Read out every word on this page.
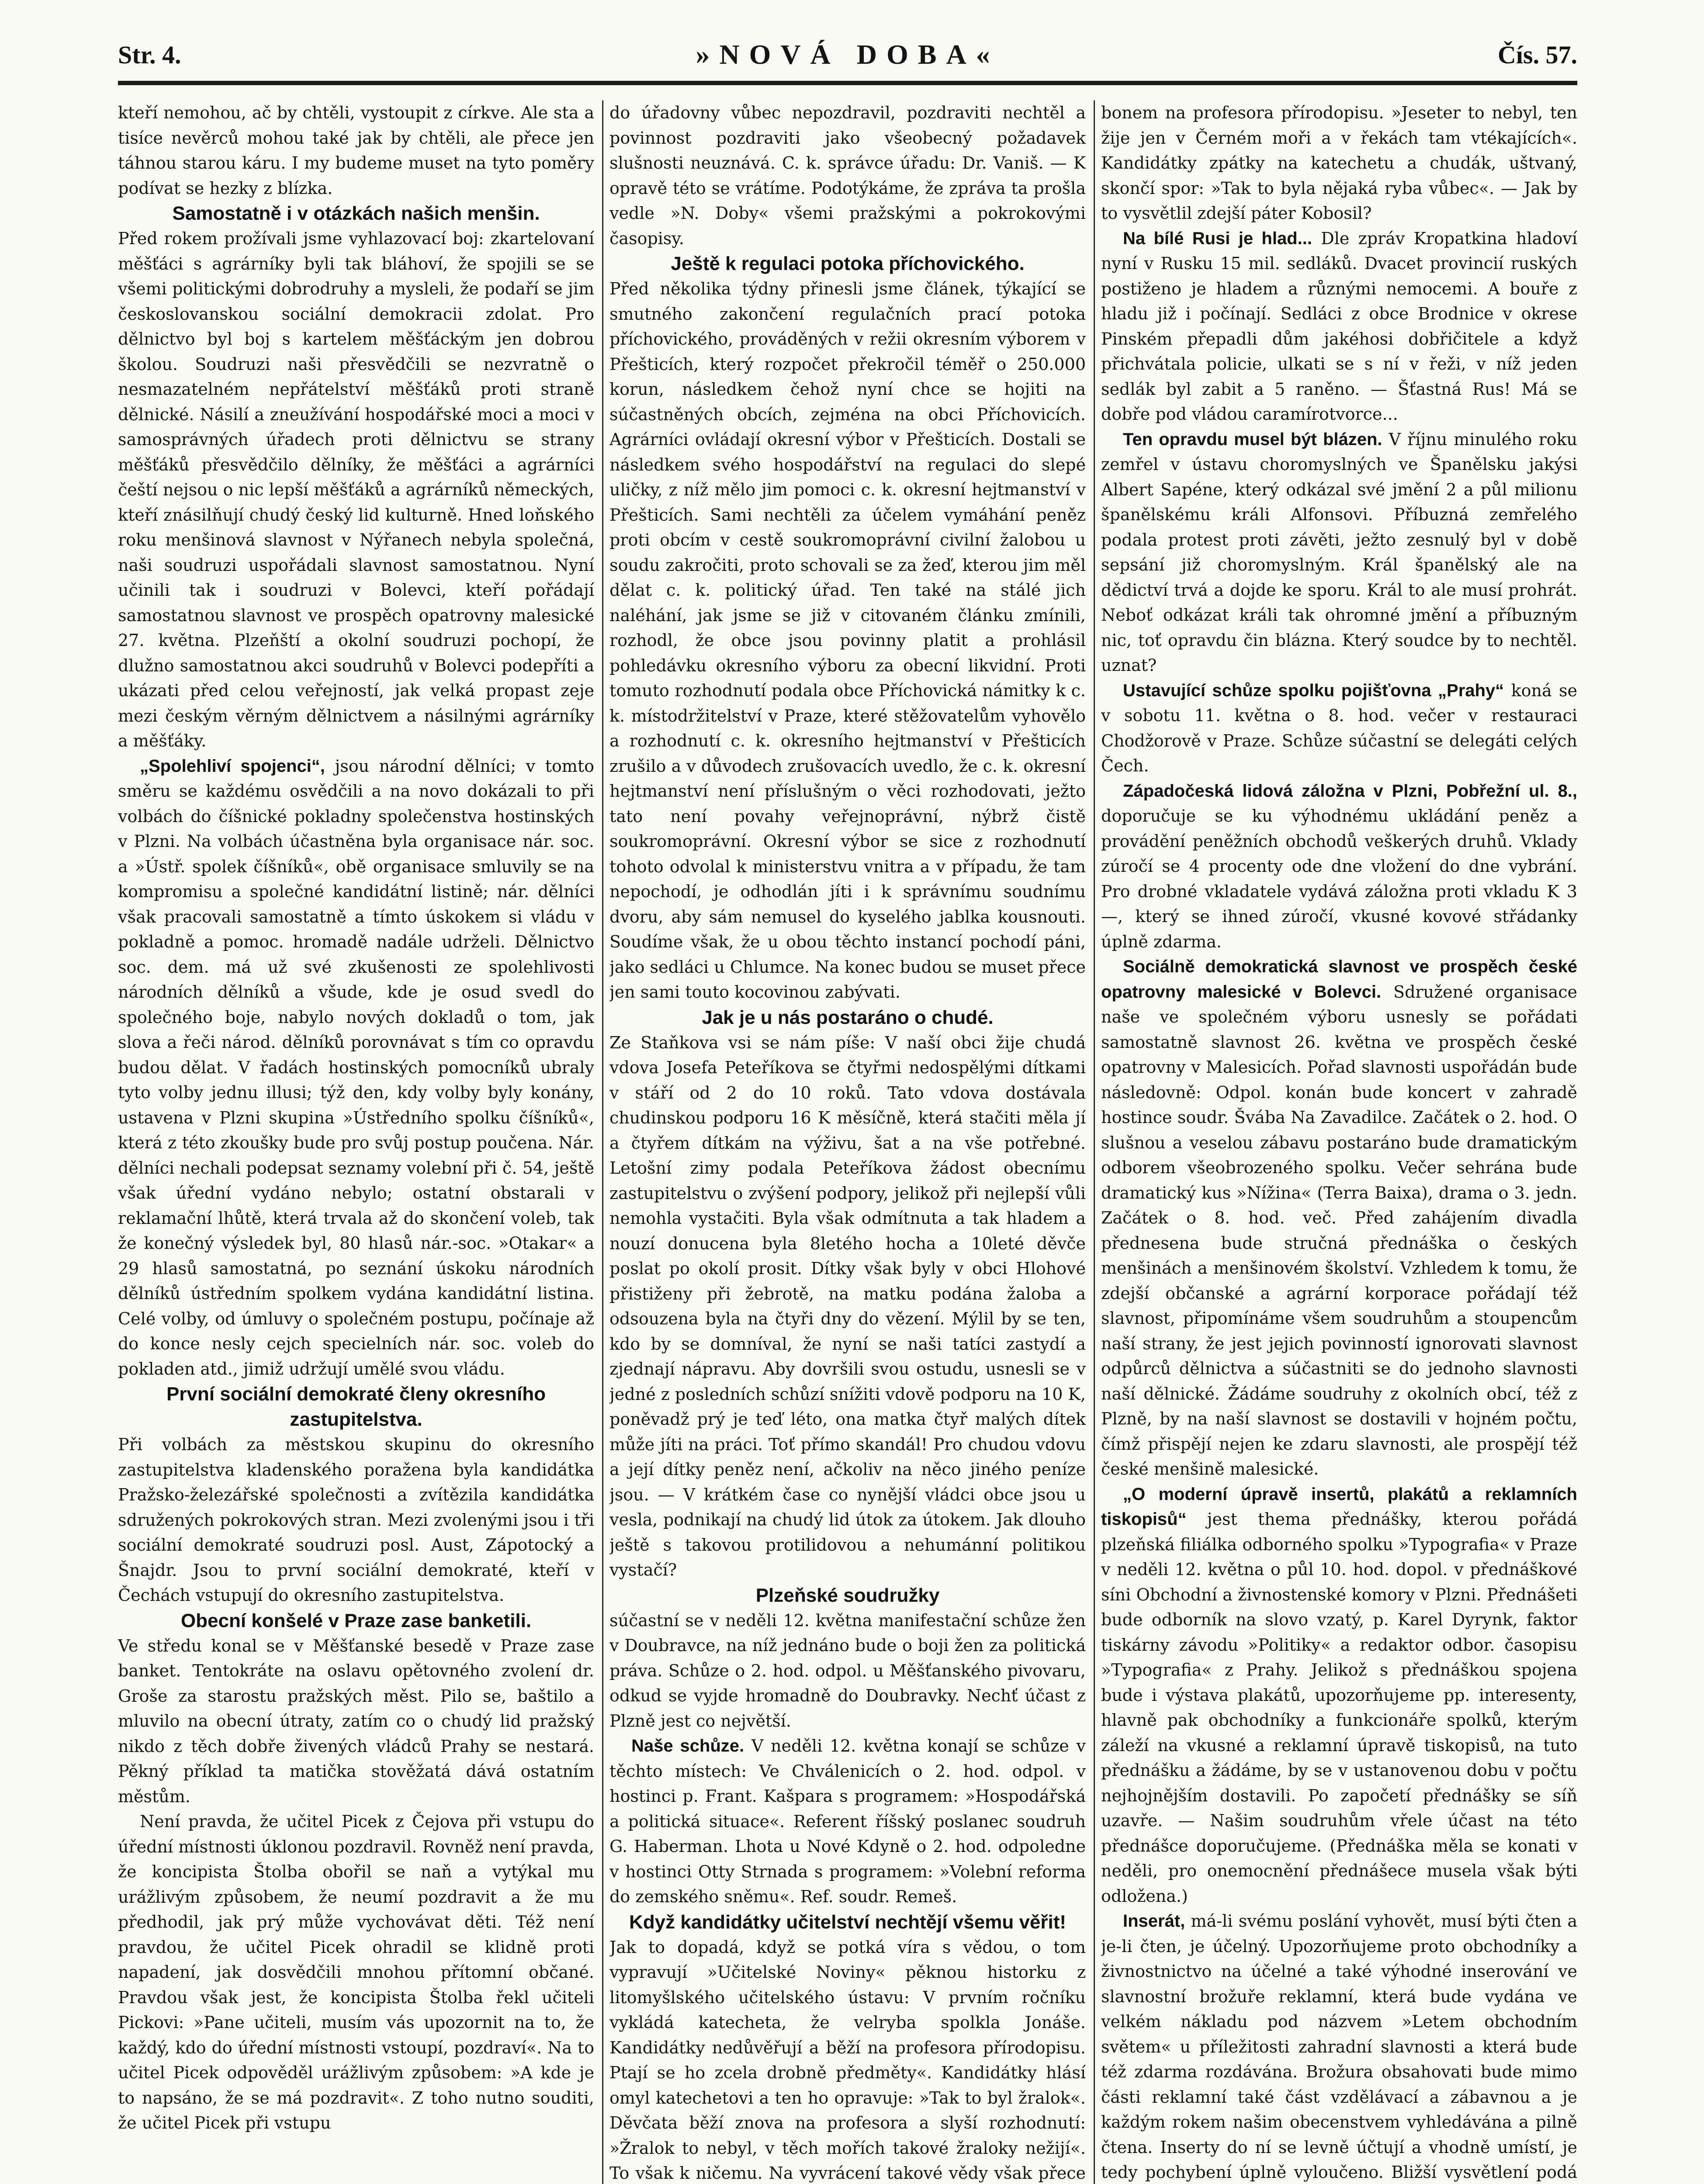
Str. 4.	»NOVÁ DOBA«	Čís. 57.

kteří nemohou, ač by chtěli, vystoupit z církve. Ale sta a tisíce nevěrců mohou také jak by chtěli, ale přece jen táhnou starou káru. I my budeme muset na tyto poměry podívat se hezky z blízka.

Samostatně i v otázkách našich menšin.

Před rokem prožívali jsme vyhlazovací boj: zkartelovaní měšťáci s agrárníky byli tak bláhoví, že spojili se se všemi politickými dobrodruhy a mysleli, že podaří se jim českoslovanskou sociální demokracii zdolat. Pro dělnictvo byl boj s kartelem měšťáckým jen dobrou školou. Soudruzi naši přesvědčili se nezvratně o nesmazatelném nepřátelství měšťáků proti straně dělnické. Násilí a zneužívání hospodářské moci a moci v samosprávných úřadech proti dělnictvu se strany měšťáků přesvědčilo dělníky, že měšťáci a agrárníci čeští nejsou o nic lepší měšťáků a agrárníků německých, kteří znásilňují chudý český lid kulturně. Hned loňského roku menšinová slavnost v Nýřanech nebyla společná, naši soudruzi uspořádali slavnost samostatnou. Nyní učinili tak i soudruzi v Bolevci, kteří pořádají samostatnou slavnost ve prospěch opatrovny malesické 27. května. Plzeňští a okolní soudruzi pochopí, že dlužno samostatnou akci soudruhů v Bolevci podepříti a ukázati před celou veřejností, jak velká propast zeje mezi českým věrným dělnictvem a násilnými agrárníky a měšťáky.

„Spolehliví spojenci“, jsou národní dělníci; v tomto směru se každému osvědčili a na novo dokázali to při volbách do číšnické pokladny společenstva hostinských v Plzni. Na volbách účastněna byla organisace nár. soc. a »Ústř. spolek číšníků«, obě organisace smluvily se na kompromisu a společné kandidátní listině; nár. dělníci však pracovali samostatně a tímto úskokem si vládu v pokladně a pomoc. hromadě nadále udrželi. Dělnictvo soc. dem. má už své zkušenosti ze spolehlivosti národních dělníků a všude, kde je osud svedl do společného boje, nabylo nových dokladů o tom, jak slova a řeči národ. dělníků porovnávat s tím co opravdu budou dělat. V řadách hostinských pomocníků ubraly tyto volby jednu illusi; týž den, kdy volby byly konány, ustavena v Plzni skupina »Ústředního spolku číšníků«, která z této zkoušky bude pro svůj postup poučena. Nár. dělníci nechali podepsat seznamy volební při č. 54, ještě však úřední vydáno nebylo; ostatní obstarali v reklamační lhůtě, která trvala až do skončení voleb, tak že konečný výsledek byl, 80 hlasů nár.-soc. »Otakar« a 29 hlasů samostatná, po seznání úskoku národních dělníků ústředním spolkem vydána kandidátní listina. Celé volby, od úmluvy o společném postupu, počínaje až do konce nesly cejch specielních nár. soc. voleb do pokladen atd., jimiž udržují umělé svou vládu.

První sociální demokraté členy okresního zastupitelstva.

Při volbách za městskou skupinu do okresního zastupitelstva kladenského poražena byla kandidátka Pražsko-železářské společnosti a zvítězila kandidátka sdružených pokrokových stran. Mezi zvolenými jsou i tři sociální demokraté soudruzi posl. Aust, Zápotocký a Šnajdr. Jsou to první sociální demokraté, kteří v Čechách vstupují do okresního zastupitelstva.

Obecní konšelé v Praze zase banketili.

Ve středu konal se v Měšťanské besedě v Praze zase banket. Tentokráte na oslavu opětovného zvolení dr. Groše za starostu pražských měst. Pilo se, baštilo a mluvilo na obecní útraty, zatím co o chudý lid pražský nikdo z těch dobře živených vládců Prahy se nestará. Pěkný příklad ta matička stověžatá dává ostatním městům.

Není pravda, že učitel Picek z Čejova při vstupu do úřední místnosti úklonou pozdravil. Rovněž není pravda, že koncipista Štolba obořil se naň a vytýkal mu urážlivým způsobem, že neumí pozdravit a že mu předhodil, jak prý může vychovávat děti. Též není pravdou, že učitel Picek ohradil se klidně proti napadení, jak dosvědčili mnohou přítomní občané. Pravdou však jest, že koncipista Štolba řekl učiteli Pickovi: »Pane učiteli, musím vás upozornit na to, že každý, kdo do úřední místnosti vstoupí, pozdraví«. Na to učitel Picek odpověděl urážlivým způsobem: »A kde je to napsáno, že se má pozdravit«. Z toho nutno souditi, že učitel Picek při vstupu

do úřadovny vůbec nepozdravil, pozdraviti nechtěl a povinnost pozdraviti jako všeobecný požadavek slušnosti neuznává. C. k. správce úřadu: Dr. Vaniš. — K opravě této se vrátíme. Podotýkáme, že zpráva ta prošla vedle »N. Doby« všemi pražskými a pokrokovými časopisy.

Ještě k regulaci potoka příchovického.

Před několika týdny přinesli jsme článek, týkající se smutného zakončení regulačních prací potoka příchovického, prováděných v režii okresním výborem v Přešticích, který rozpočet překročil téměř o 250.000 korun, následkem čehož nyní chce se hojiti na súčastněných obcích, zejména na obci Příchovicích. Agrárníci ovládají okresní výbor v Přešticích. Dostali se následkem svého hospodářství na regulaci do slepé uličky, z níž mělo jim pomoci c. k. okresní hejtmanství v Přešticích. Sami nechtěli za účelem vymáhání peněz proti obcím v cestě soukromoprávní civilní žalobou u soudu zakročiti, proto schovali se za žeď, kterou jim měl dělat c. k. politický úřad. Ten také na stálé jich naléhání, jak jsme se již v citovaném článku zmínili, rozhodl, že obce jsou povinny platit a prohlásil pohledávku okresního výboru za obecní likvidní. Proti tomuto rozhodnutí podala obce Příchovická námitky k c. k. místodržitelství v Praze, které stěžovatelům vyhovělo a rozhodnutí c. k. okresního hejtmanství v Přešticích zrušilo a v důvodech zrušovacích uvedlo, že c. k. okresní hejtmanství není příslušným o věci rozhodovati, ježto tato není povahy veřejnoprávní, nýbrž čistě soukromoprávní. Okresní výbor se sice z rozhodnutí tohoto odvolal k ministerstvu vnitra a v případu, že tam nepochodí, je odhodlán jíti i k správnímu soudnímu dvoru, aby sám nemusel do kyselého jablka kousnouti. Soudíme však, že u obou těchto instancí pochodí páni, jako sedláci u Chlumce. Na konec budou se muset přece jen sami touto kocovinou zabývati.

Jak je u nás postaráno o chudé.

Ze Staňkova vsi se nám píše: V naší obci žije chudá vdova Josefa Peteříkova se čtyřmi nedospělými dítkami v stáří od 2 do 10 roků. Tato vdova dostávala chudinskou podporu 16 K měsíčně, která stačiti měla jí a čtyřem dítkám na výživu, šat a na vše potřebné. Letošní zimy podala Peteříkova žádost obecnímu zastupitelstvu o zvýšení podpory, jelikož při nejlepší vůli nemohla vystačiti. Byla však odmítnuta a tak hladem a nouzí donucena byla 8letého hocha a 10leté děvče poslat po okolí prosit. Dítky však byly v obci Hlohové přistiženy při žebrotě, na matku podána žaloba a odsouzena byla na čtyři dny do vězení. Mýlil by se ten, kdo by se domníval, že nyní se naši tatíci zastydí a zjednají nápravu. Aby dovršili svou ostudu, usnesli se v jedné z posledních schůzí snížiti vdově podporu na 10 K, poněvadž prý je teď léto, ona matka čtyř malých dítek může jíti na práci. Toť přímo skandál! Pro chudou vdovu a její dítky peněz není, ačkoliv na něco jiného peníze jsou. — V krátkém čase co nynější vládci obce jsou u vesla, podnikají na chudý lid útok za útokem. Jak dlouho ještě s takovou protilidovou a nehumánní politikou vystačí?

Plzeňské soudružky

súčastní se v neděli 12. května manifestační schůze žen v Doubravce, na níž jednáno bude o boji žen za politická práva. Schůze o 2. hod. odpol. u Měšťanského pivovaru, odkud se vyjde hromadně do Doubravky. Nechť účast z Plzně jest co největší.

Naše schůze. V neděli 12. května konají se schůze v těchto místech: Ve Chválenicích o 2. hod. odpol. v hostinci p. Frant. Kašpara s programem: »Hospodářská a politická situace«. Referent říšský poslanec soudruh G. Haberman. Lhota u Nové Kdyně o 2. hod. odpoledne v hostinci Otty Strnada s programem: »Volební reforma do zemského sněmu«. Ref. soudr. Remeš.

Když kandidátky učitelství nechtějí všemu věřit!

Jak to dopadá, když se potká víra s vědou, o tom vypravují »Učitelské Noviny« pěknou historku z litomyšlského učitelského ústavu: V prvním ročníku vykládá katecheta, že velryba spolkla Jonáše. Kandidátky nedůvěřují a běží na profesora přírodopisu. Ptají se ho zcela drobně předměty«. Kandidátky hlásí omyl katechetovi a ten ho opravuje: »Tak to byl žralok«. Děvčata běží znova na profesora a slyší rozhodnutí: »Žralok to nebyl, v těch mořích takové žraloky nežijí«. To však k ničemu. Na vyvrácení takové vědy však přece

bonem na profesora přírodopisu. »Jeseter to nebyl, ten žije jen v Černém moři a v řekách tam vtékajících«. Kandidátky zpátky na katechetu a chudák, uštvaný, skončí spor: »Tak to byla nějaká ryba vůbec«. — Jak by to vysvětlil zdejší páter Kobosil?

Na bílé Rusi je hlad... Dle zpráv Kropatkina hladoví nyní v Rusku 15 mil. sedláků. Dvacet provincií ruských postiženo je hladem a různými nemocemi. A bouře z hladu již i počínají. Sedláci z obce Brodnice v okrese Pinském přepadli dům jakéhosi dobřičitele a když přichvátala policie, ulkati se s ní v řeži, v níž jeden sedlák byl zabit a 5 raněno. — Šťastná Rus! Má se dobře pod vládou caramírotvorce...

Ten opravdu musel být blázen. V říjnu minulého roku zemřel v ústavu choromyslných ve Španělsku jakýsi Albert Sapéne, který odkázal své jmění 2 a půl milionu španělskému králi Alfonsovi. Příbuzná zemřelého podala protest proti závěti, ježto zesnulý byl v době sepsání již choromyslným. Král španělský ale na dědictví trvá a dojde ke sporu. Král to ale musí prohrát. Neboť odkázat králi tak ohromné jmění a příbuzným nic, toť opravdu čin blázna. Který soudce by to nechtěl. uznat?

Ustavující schůze spolku pojišťovna „Prahy“ koná se v sobotu 11. května o 8. hod. večer v restauraci Chodžorově v Praze. Schůze súčastní se delegáti celých Čech.

Západočeská lidová záložna v Plzni, Pobřežní ul. 8., doporučuje se ku výhodnému ukládání peněz a provádění peněžních obchodů veškerých druhů. Vklady zúročí se 4 procenty ode dne vložení do dne vybrání. Pro drobné vkladatele vydává záložna proti vkladu K 3—, který se ihned zúročí, vkusné kovové střádanky úplně zdarma.

Sociálně demokratická slavnost ve prospěch české opatrovny malesické v Bolevci. Sdružené organisace naše ve společném výboru usnesly se pořádati samostatně slavnost 26. května ve prospěch české opatrovny v Malesicích. Pořad slavnosti uspořádán bude následovně: Odpol. konán bude koncert v zahradě hostince soudr. Švába Na Zavadilce. Začátek o 2. hod. O slušnou a veselou zábavu postaráno bude dramatickým odborem všeobrozeného spolku. Večer sehrána bude dramatický kus »Nížina« (Terra Baixa), drama o 3. jedn. Začátek o 8. hod. več. Před zahájením divadla přednesena bude stručná přednáška o českých menšinách a menšinovém školství. Vzhledem k tomu, že zdejší občanské a agrární korporace pořádají též slavnost, připomínáme všem soudruhům a stoupencům naší strany, že jest jejich povinností ignorovati slavnost odpůrců dělnictva a súčastniti se do jednoho slavnosti naší dělnické. Žádáme soudruhy z okolních obcí, též z Plzně, by na naší slavnost se dostavili v hojném počtu, čímž přispějí nejen ke zdaru slavnosti, ale prospějí též české menšině malesické.

„O moderní úpravě insertů, plakátů a reklamních tiskopisů“ jest thema přednášky, kterou pořádá plzeňská filiálka odborného spolku »Typografia« v Praze v neděli 12. května o půl 10. hod. dopol. v přednáškové síni Obchodní a živnostenské komory v Plzni. Přednášeti bude odborník na slovo vzatý, p. Karel Dyrynk, faktor tiskárny závodu »Politiky« a redaktor odbor. časopisu »Typografia« z Prahy. Jelikož s přednáškou spojena bude i výstava plakátů, upozorňujeme pp. interesenty, hlavně pak obchodníky a funkcionáře spolků, kterým záleží na vkusné a reklamní úpravě tiskopisů, na tuto přednášku a žádáme, by se v ustanovenou dobu v počtu nejhojnějším dostavili. Po započetí přednášky se síň uzavře. — Našim soudruhům vřele účast na této přednášce doporučujeme. (Přednáška měla se konati v neděli, pro onemocnění přednášece musela však býti odložena.)

Inserát, má-li svému poslání vyhovět, musí býti čten a je-li čten, je účelný. Upozorňujeme proto obchodníky a živnostnictvo na účelné a také výhodné inserování ve slavnostní brožuře reklamní, která bude vydána ve velkém nákladu pod názvem »Letem obchodním světem« u příležitosti zahradní slavnosti a která bude též zdarma rozdávána. Brožura obsahovati bude mimo části reklamní také část vzdělávací a zábavnou a je každým rokem našim obecenstvem vyhledávána a pilně čtena. Inserty do ní se levně účtují a vhodně umístí, je tedy pochybení úplně vyloučeno. Bližší vysvětlení podá
